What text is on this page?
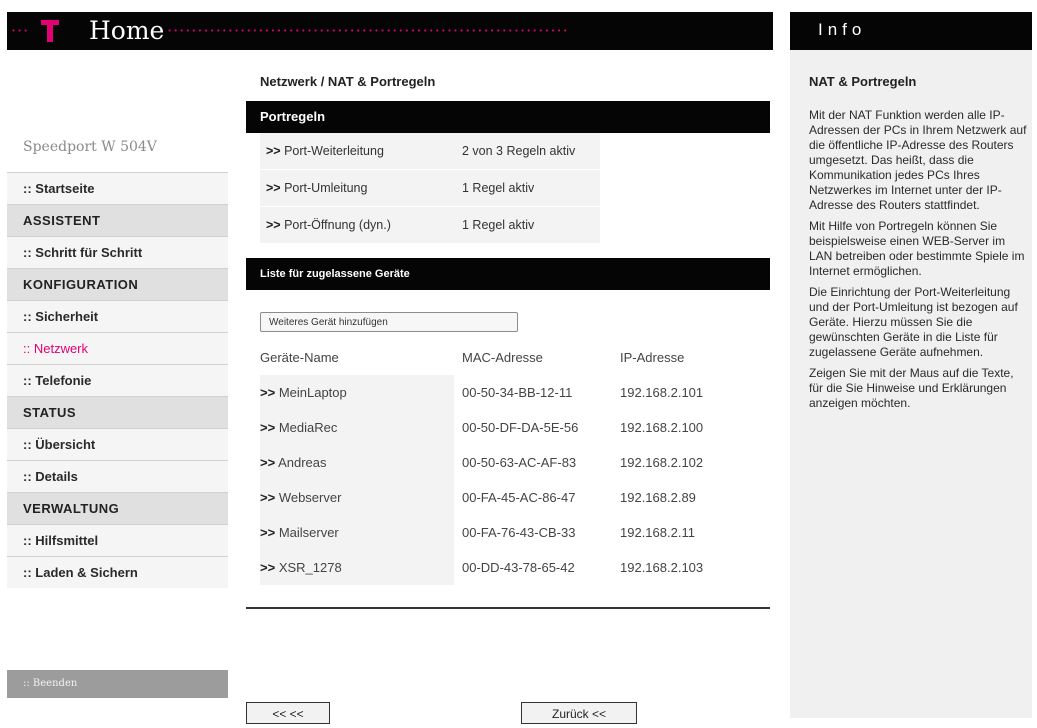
··· Home ··································································	Info
Speedport W 504V
:: Startseite
ASSISTENT
:: Schritt für Schritt
KONFIGURATION
:: Sicherheit
:: Netzwerk
:: Telefonie
STATUS
:: Übersicht
:: Details
VERWALTUNG
:: Hilfsmittel
:: Laden & Sichern
:: Beenden
Netzwerk / NAT & Portregeln
Portregeln
>> Port-Weiterleitung	2 von 3 Regeln aktiv
>> Port-Umleitung	1 Regel aktiv
>> Port-Öffnung (dyn.)	1 Regel aktiv
Liste für zugelassene Geräte
Weiteres Gerät hinzufügen
Geräte-Name	MAC-Adresse	IP-Adresse
>> MeinLaptop	00-50-34-BB-12-11	192.168.2.101
>> MediaRec	00-50-DF-DA-5E-56	192.168.2.100
>> Andreas	00-50-63-AC-AF-83	192.168.2.102
>> Webserver	00-FA-45-AC-86-47	192.168.2.89
>> Mailserver	00-FA-76-43-CB-33	192.168.2.11
>> XSR_1278	00-DD-43-78-65-42	192.168.2.103
<< <<	Zurück <<
NAT & Portregeln

Mit der NAT Funktion werden alle IP-Adressen der PCs in Ihrem Netzwerk auf die öffentliche IP-Adresse des Routers umgesetzt. Das heißt, dass die Kommunikation jedes PCs Ihres Netzwerkes im Internet unter der IP-Adresse des Routers stattfindet.

Mit Hilfe von Portregeln können Sie beispielsweise einen WEB-Server im LAN betreiben oder bestimmte Spiele im Internet ermöglichen.

Die Einrichtung der Port-Weiterleitung und der Port-Umleitung ist bezogen auf Geräte. Hierzu müssen Sie die gewünschten Geräte in die Liste für zugelassene Geräte aufnehmen.

Zeigen Sie mit der Maus auf die Texte, für die Sie Hinweise und Erklärungen anzeigen möchten.
